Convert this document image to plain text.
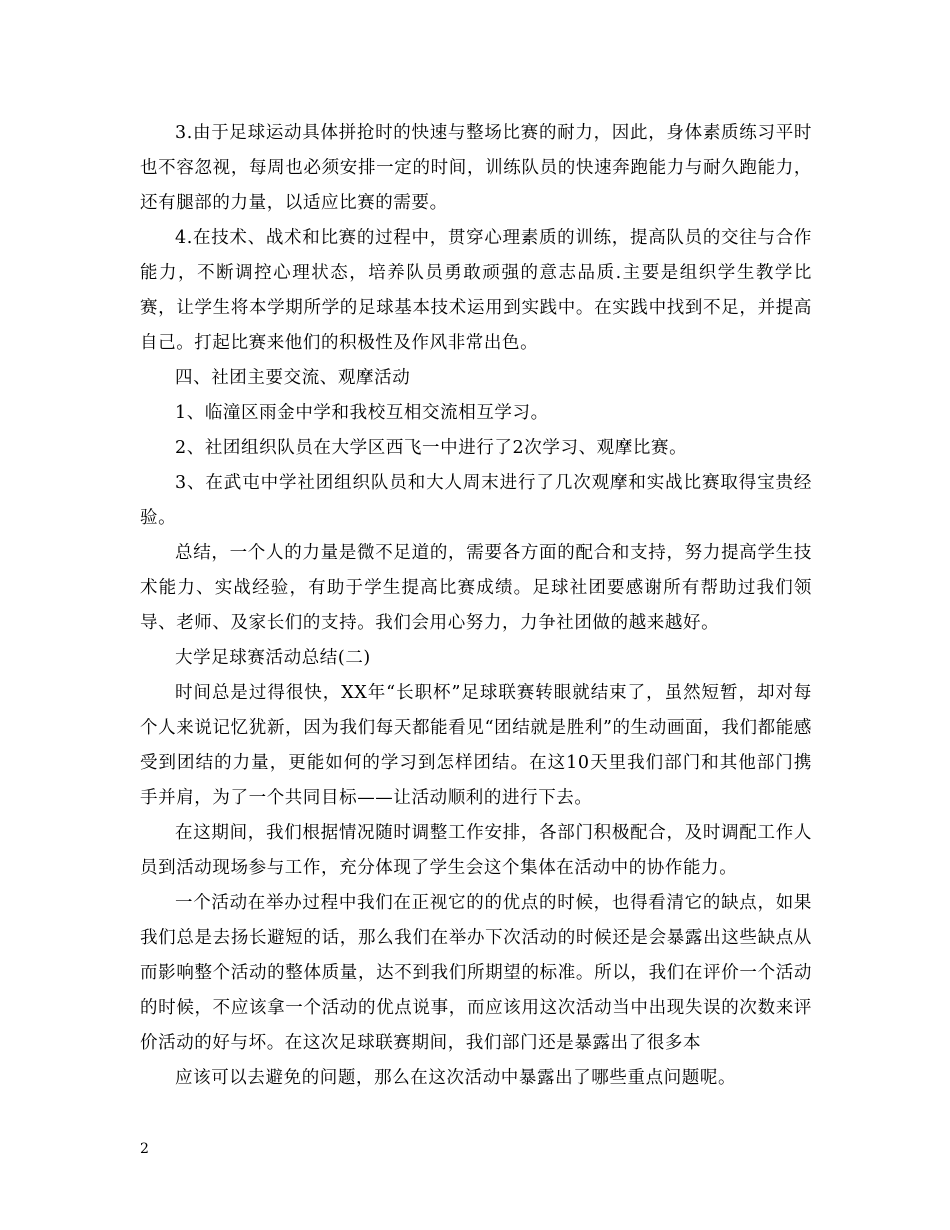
3.由于足球运动具体拼抢时的快速与整场比赛的耐力，因此，身体素质练习平时也不容忽视，每周也必须安排一定的时间，训练队员的快速奔跑能力与耐久跑能力，还有腿部的力量，以适应比赛的需要。

4.在技术、战术和比赛的过程中，贯穿心理素质的训练，提高队员的交往与合作能力，不断调控心理状态，培养队员勇敢顽强的意志品质.主要是组织学生教学比赛，让学生将本学期所学的足球基本技术运用到实践中。在实践中找到不足，并提高自己。打起比赛来他们的积极性及作风非常出色。

四、社团主要交流、观摩活动

1、临潼区雨金中学和我校互相交流相互学习。

2、社团组织队员在大学区西飞一中进行了2次学习、观摩比赛。

3、在武屯中学社团组织队员和大人周末进行了几次观摩和实战比赛取得宝贵经验。

总结，一个人的力量是微不足道的，需要各方面的配合和支持，努力提高学生技术能力、实战经验，有助于学生提高比赛成绩。足球社团要感谢所有帮助过我们领导、老师、及家长们的支持。我们会用心努力，力争社团做的越来越好。

大学足球赛活动总结(二)

时间总是过得很快，XX年“长职杯”足球联赛转眼就结束了，虽然短暂，却对每个人来说记忆犹新，因为我们每天都能看见“团结就是胜利”的生动画面，我们都能感受到团结的力量，更能如何的学习到怎样团结。在这10天里我们部门和其他部门携手并肩，为了一个共同目标——让活动顺利的进行下去。

在这期间，我们根据情况随时调整工作安排，各部门积极配合，及时调配工作人员到活动现场参与工作，充分体现了学生会这个集体在活动中的协作能力。

一个活动在举办过程中我们在正视它的的优点的时候，也得看清它的缺点，如果我们总是去扬长避短的话，那么我们在举办下次活动的时候还是会暴露出这些缺点从而影响整个活动的整体质量，达不到我们所期望的标准。所以，我们在评价一个活动的时候，不应该拿一个活动的优点说事，而应该用这次活动当中出现失误的次数来评价活动的好与坏。在这次足球联赛期间，我们部门还是暴露出了很多本

应该可以去避免的问题，那么在这次活动中暴露出了哪些重点问题呢。

2
